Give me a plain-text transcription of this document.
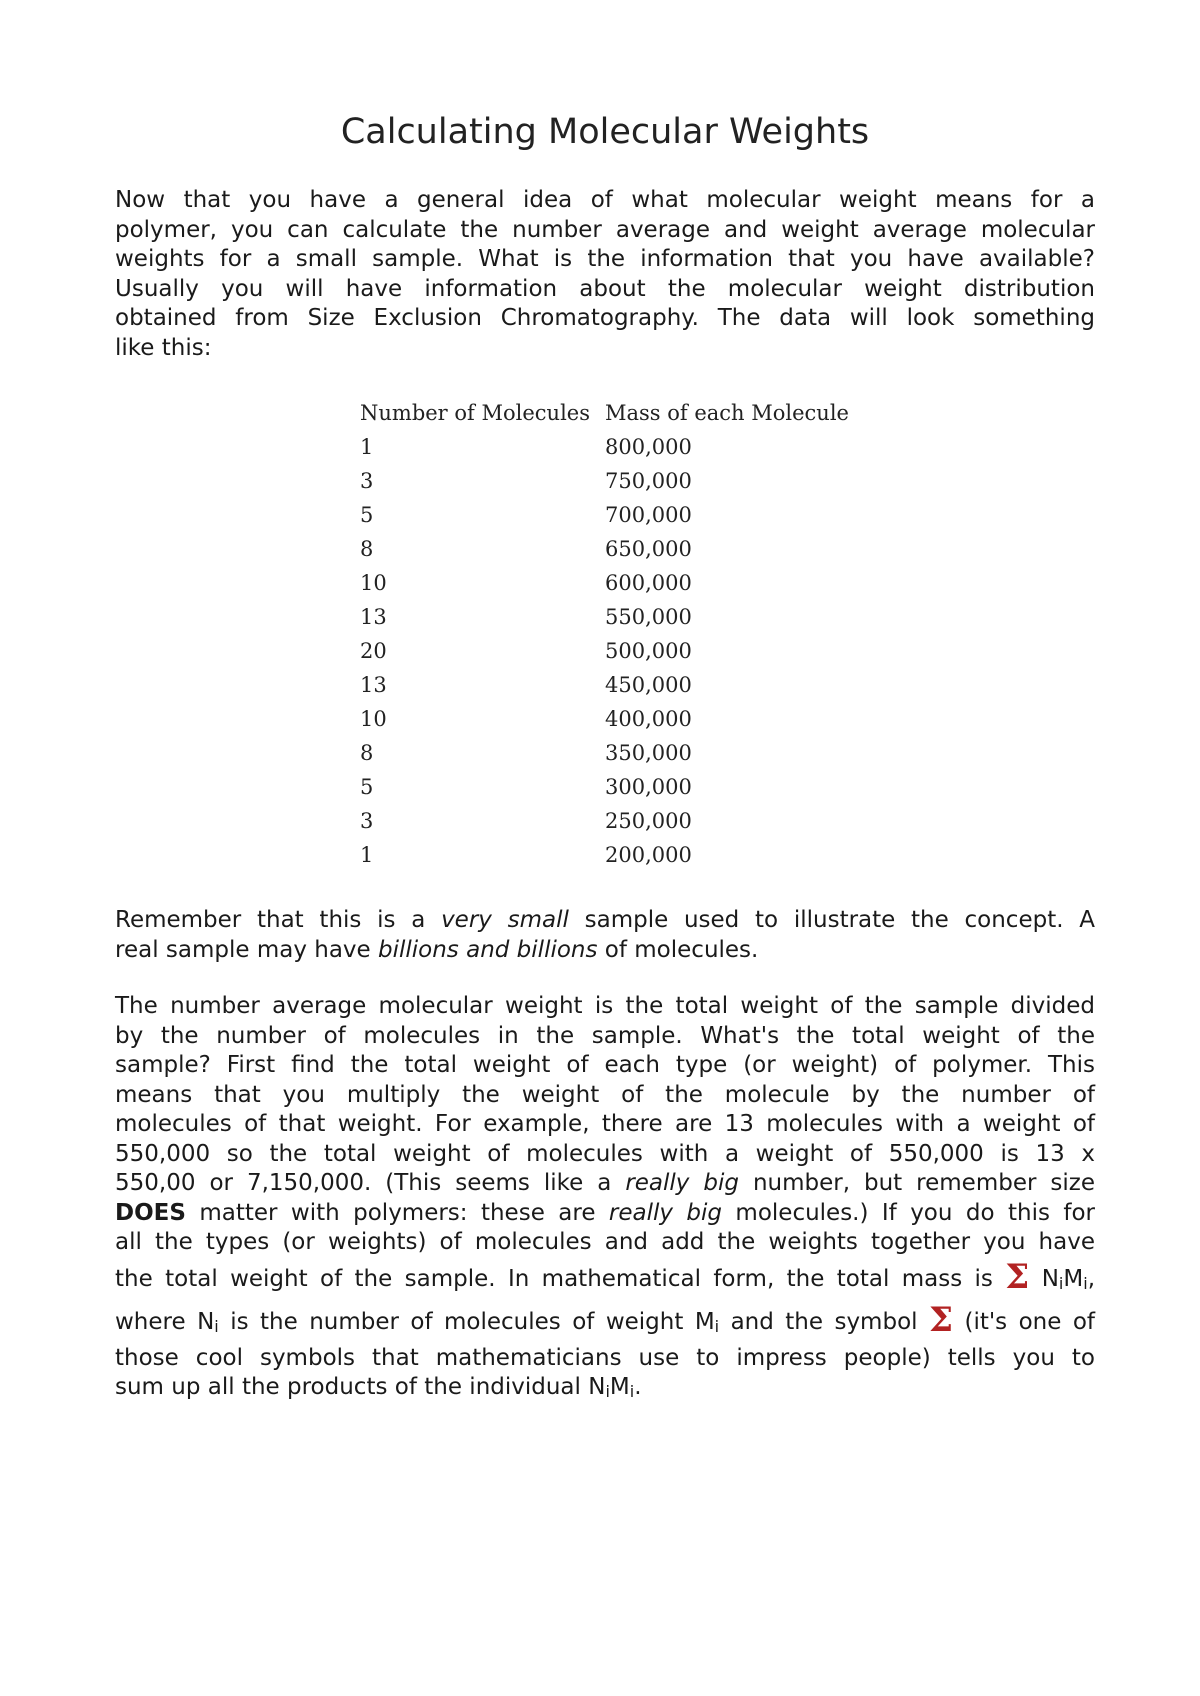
Calculating Molecular Weights

Now that you have a general idea of what molecular weight means for a
polymer, you can calculate the number average and weight average molecular
weights for a small sample. What is the information that you have available?
Usually you will have information about the molecular weight distribution
obtained from Size Exclusion Chromatography. The data will look something
like this:

Number of Molecules Mass of each Molecule
1	800,000
3	750,000
5	700,000
8	650,000
10	600,000
13	550,000
20	500,000
13	450,000
10	400,000
8	350,000
5	300,000
3	250,000
1	200,000

Remember that this is a very small sample used to illustrate the concept. A
real sample may have billions and billions of molecules.

The number average molecular weight is the total weight of the sample divided
by the number of molecules in the sample. What's the total weight of the
sample? First find the total weight of each type (or weight) of polymer. This
means that you multiply the weight of the molecule by the number of
molecules of that weight. For example, there are 13 molecules with a weight of
550,000 so the total weight of molecules with a weight of 550,000 is 13 x
550,00 or 7,150,000. (This seems like a really big number, but remember size
DOES matter with polymers: these are really big molecules.) If you do this for
all the types (or weights) of molecules and add the weights together you have
the total weight of the sample. In mathematical form, the total mass is Σ NiMi,
where Ni is the number of molecules of weight Mi and the symbol Σ (it's one of
those cool symbols that mathematicians use to impress people) tells you to
sum up all the products of the individual NiMi.
